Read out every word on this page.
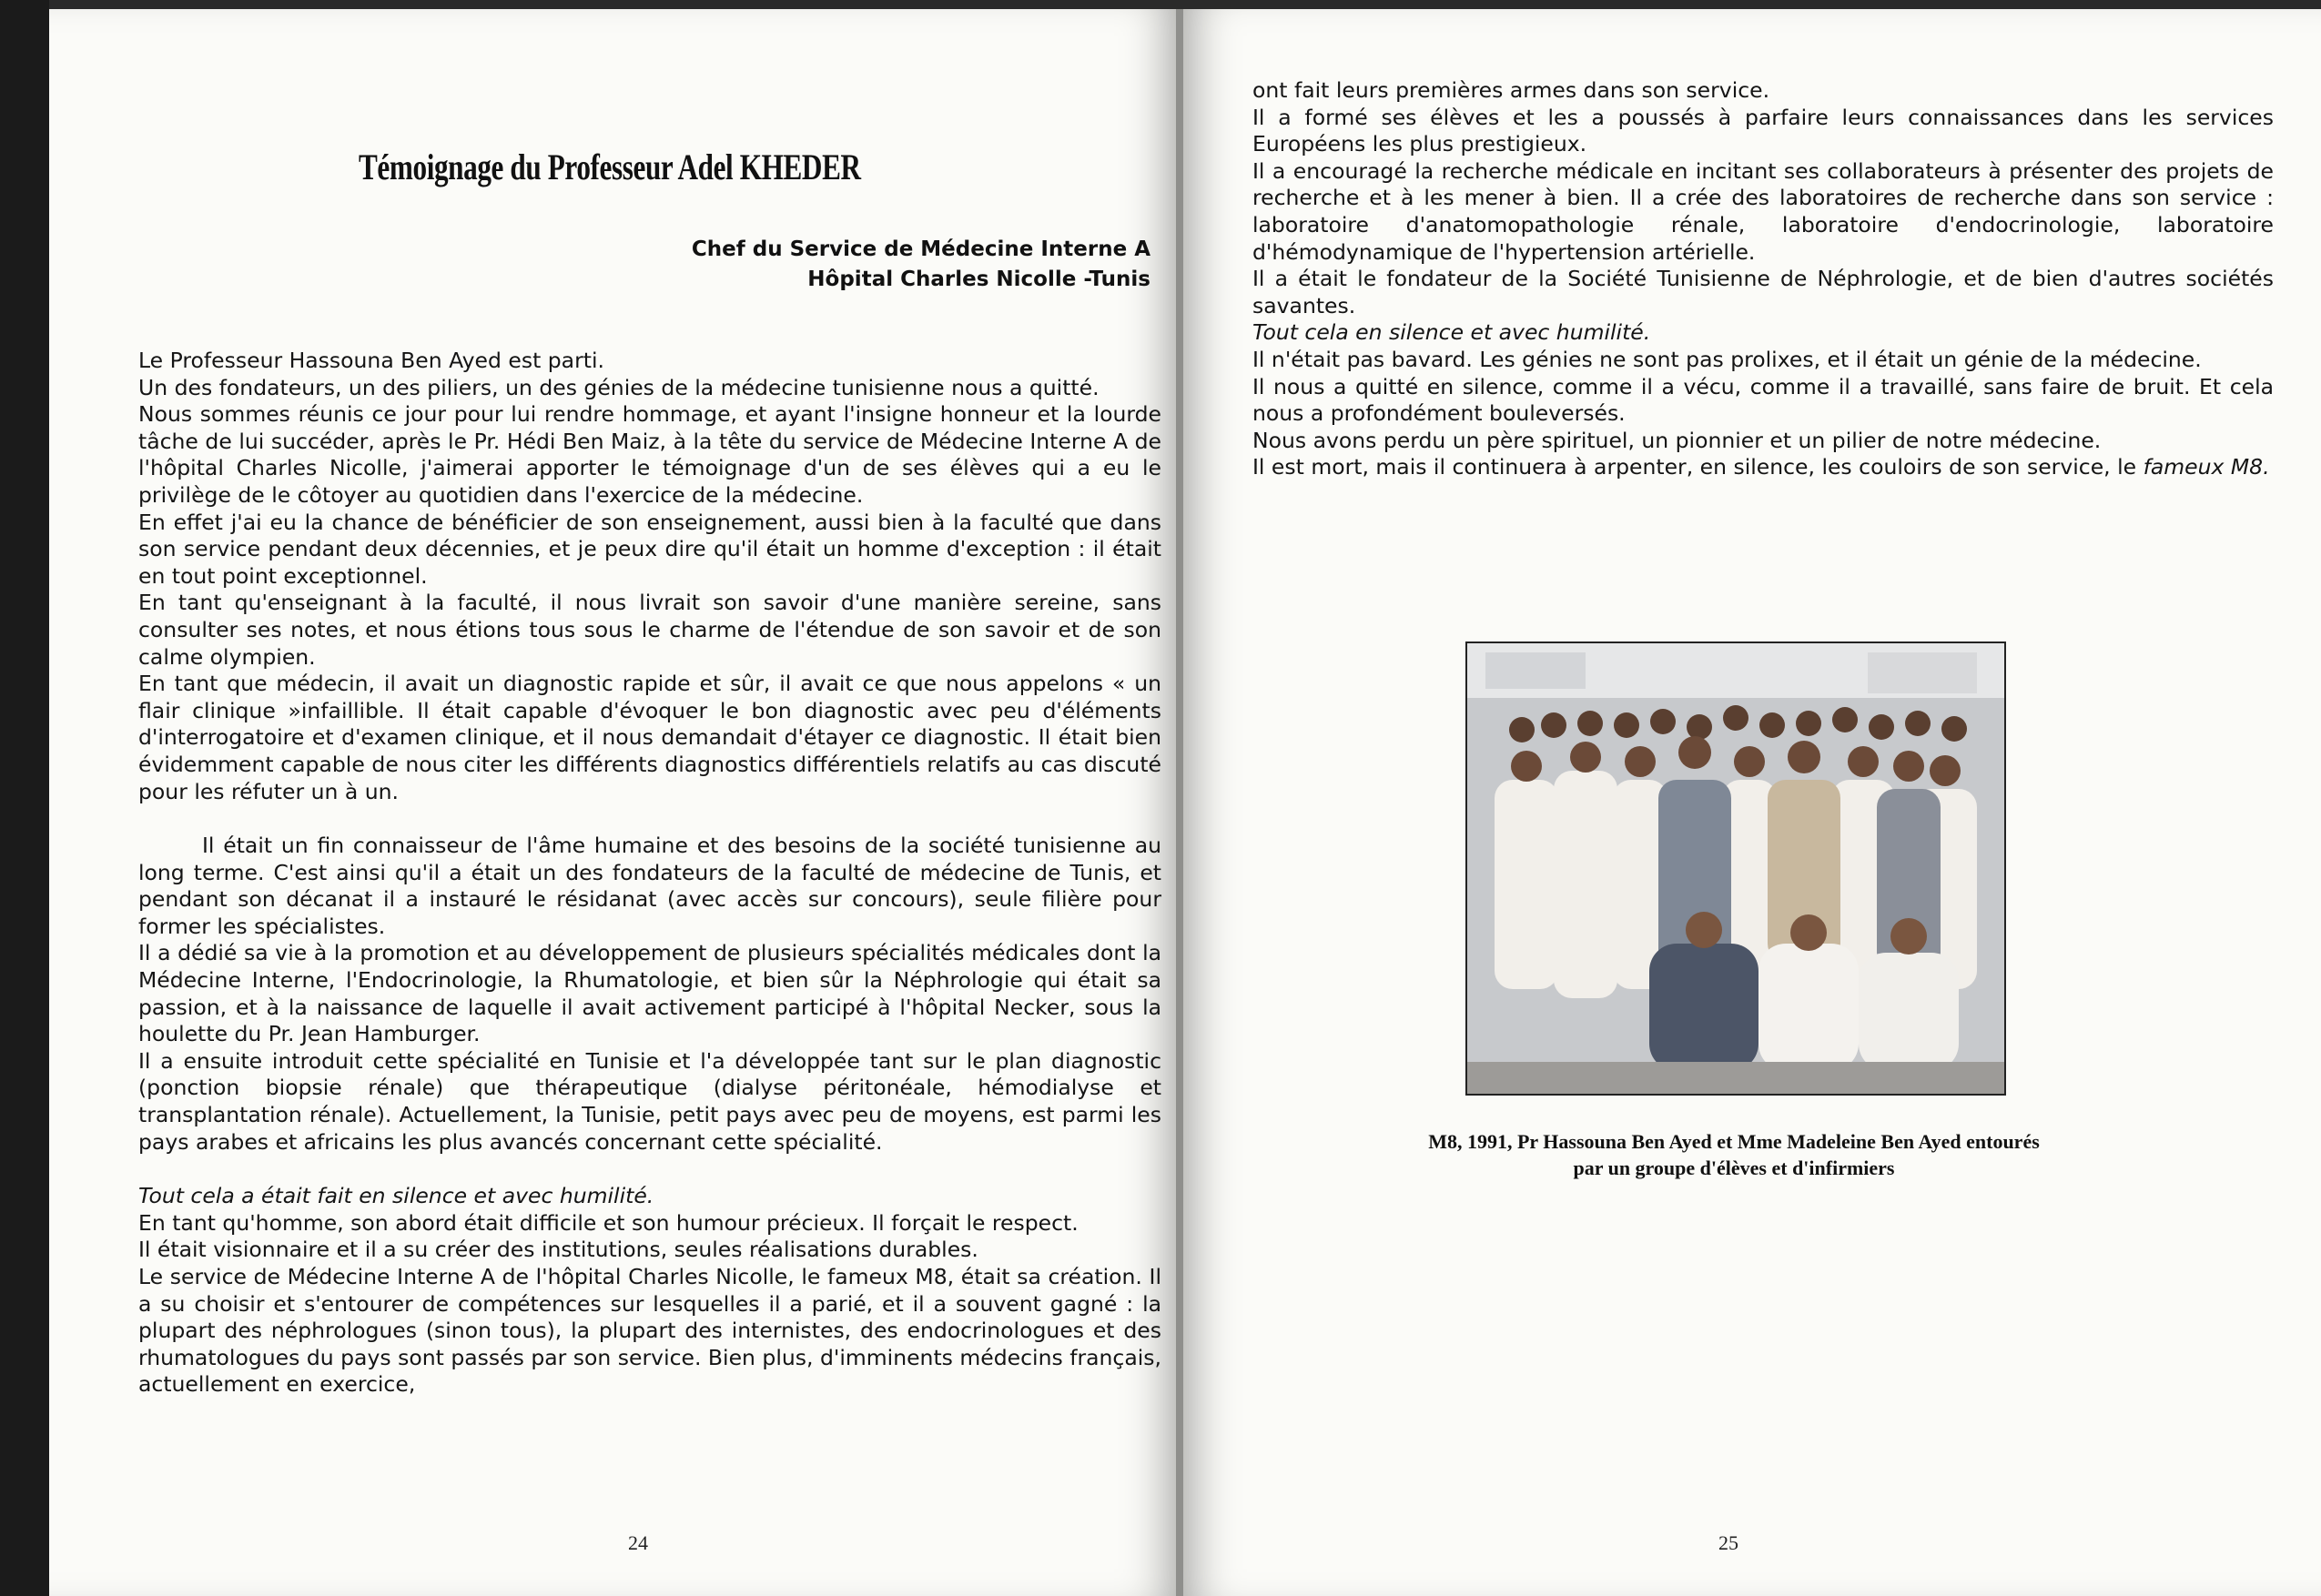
Témoignage du Professeur Adel KHEDER
Chef du Service de Médecine Interne A
Hôpital Charles Nicolle -Tunis

Le Professeur Hassouna Ben Ayed est parti.

Un des fondateurs, un des piliers, un des génies de la médecine tunisienne nous a quitté.

Nous sommes réunis ce jour pour lui rendre hommage, et ayant l'insigne honneur et la lourde tâche de lui succéder, après le Pr. Hédi Ben Maiz, à la tête du service de Médecine Interne A de l'hôpital Charles Nicolle, j'aimerai apporter le témoignage d'un de ses élèves qui a eu le privilège de le côtoyer au quotidien dans l'exercice de la médecine.

En effet j'ai eu la chance de bénéficier de son enseignement, aussi bien à la faculté que dans son service pendant deux décennies, et je peux dire qu'il était un homme d'exception : il était en tout point exceptionnel.

En tant qu'enseignant à la faculté, il nous livrait son savoir d'une manière sereine, sans consulter ses notes, et nous étions tous sous le charme de l'étendue de son savoir et de son calme olympien.

En tant que médecin, il avait un diagnostic rapide et sûr, il avait ce que nous appelons « un flair clinique »infaillible. Il était capable d'évoquer le bon diagnostic avec peu d'éléments d'interrogatoire et d'examen clinique, et il nous demandait d'étayer ce diagnostic. Il était bien évidemment capable de nous citer les différents diagnostics différentiels relatifs au cas discuté pour les réfuter un à un.

Il était un fin connaisseur de l'âme humaine et des besoins de la société tunisienne au long terme. C'est ainsi qu'il a était un des fondateurs de la faculté de médecine de Tunis, et pendant son décanat il a instauré le résidanat (avec accès sur concours), seule filière pour former les spécialistes.

Il a dédié sa vie à la promotion et au développement de plusieurs spécialités médicales dont la Médecine Interne, l'Endocrinologie, la Rhumatologie, et bien sûr la Néphrologie qui était sa passion, et à la naissance de laquelle il avait activement participé à l'hôpital Necker, sous la houlette du Pr. Jean Hamburger.

Il a ensuite introduit cette spécialité en Tunisie et l'a développée tant sur le plan diagnostic (ponction biopsie rénale) que thérapeutique (dialyse péritonéale, hémodialyse et transplantation rénale). Actuellement, la Tunisie, petit pays avec peu de moyens, est parmi les pays arabes et africains les plus avancés concernant cette spécialité.

Tout cela a était fait en silence et avec humilité.

En tant qu'homme, son abord était difficile et son humour précieux. Il forçait le respect.

Il était visionnaire et il a su créer des institutions, seules réalisations durables.

Le service de Médecine Interne A de l'hôpital Charles Nicolle, le fameux M8, était sa création. Il a su choisir et s'entourer de compétences sur lesquelles il a parié, et il a souvent gagné : la plupart des néphrologues (sinon tous), la plupart des internistes, des endocrinologues et des rhumatologues du pays sont passés par son service. Bien plus, d'imminents médecins français, actuellement en exercice,

24

ont fait leurs premières armes dans son service.

Il a formé ses élèves et les a poussés à parfaire leurs connaissances dans les services Européens les plus prestigieux.

Il a encouragé la recherche médicale en incitant ses collaborateurs à présenter des projets de recherche et à les mener à bien. Il a crée des laboratoires de recherche dans son service : laboratoire d'anatomopathologie rénale, laboratoire d'endocrinologie, laboratoire d'hémodynamique de l'hypertension artérielle.

Il a était le fondateur de la Société Tunisienne de Néphrologie, et de bien d'autres sociétés savantes.

Tout cela en silence et avec humilité.

Il n'était pas bavard. Les génies ne sont pas prolixes, et il était un génie de la médecine.

Il nous a quitté en silence, comme il a vécu, comme il a travaillé, sans faire de bruit. Et cela nous a profondément bouleversés.

Nous avons perdu un père spirituel, un pionnier et un pilier de notre médecine.

Il est mort, mais il continuera à arpenter, en silence, les couloirs de son service, le fameux M8.

M8, 1991, Pr Hassouna Ben Ayed et Mme Madeleine Ben Ayed entourés
par un groupe d'élèves et d'infirmiers
25
